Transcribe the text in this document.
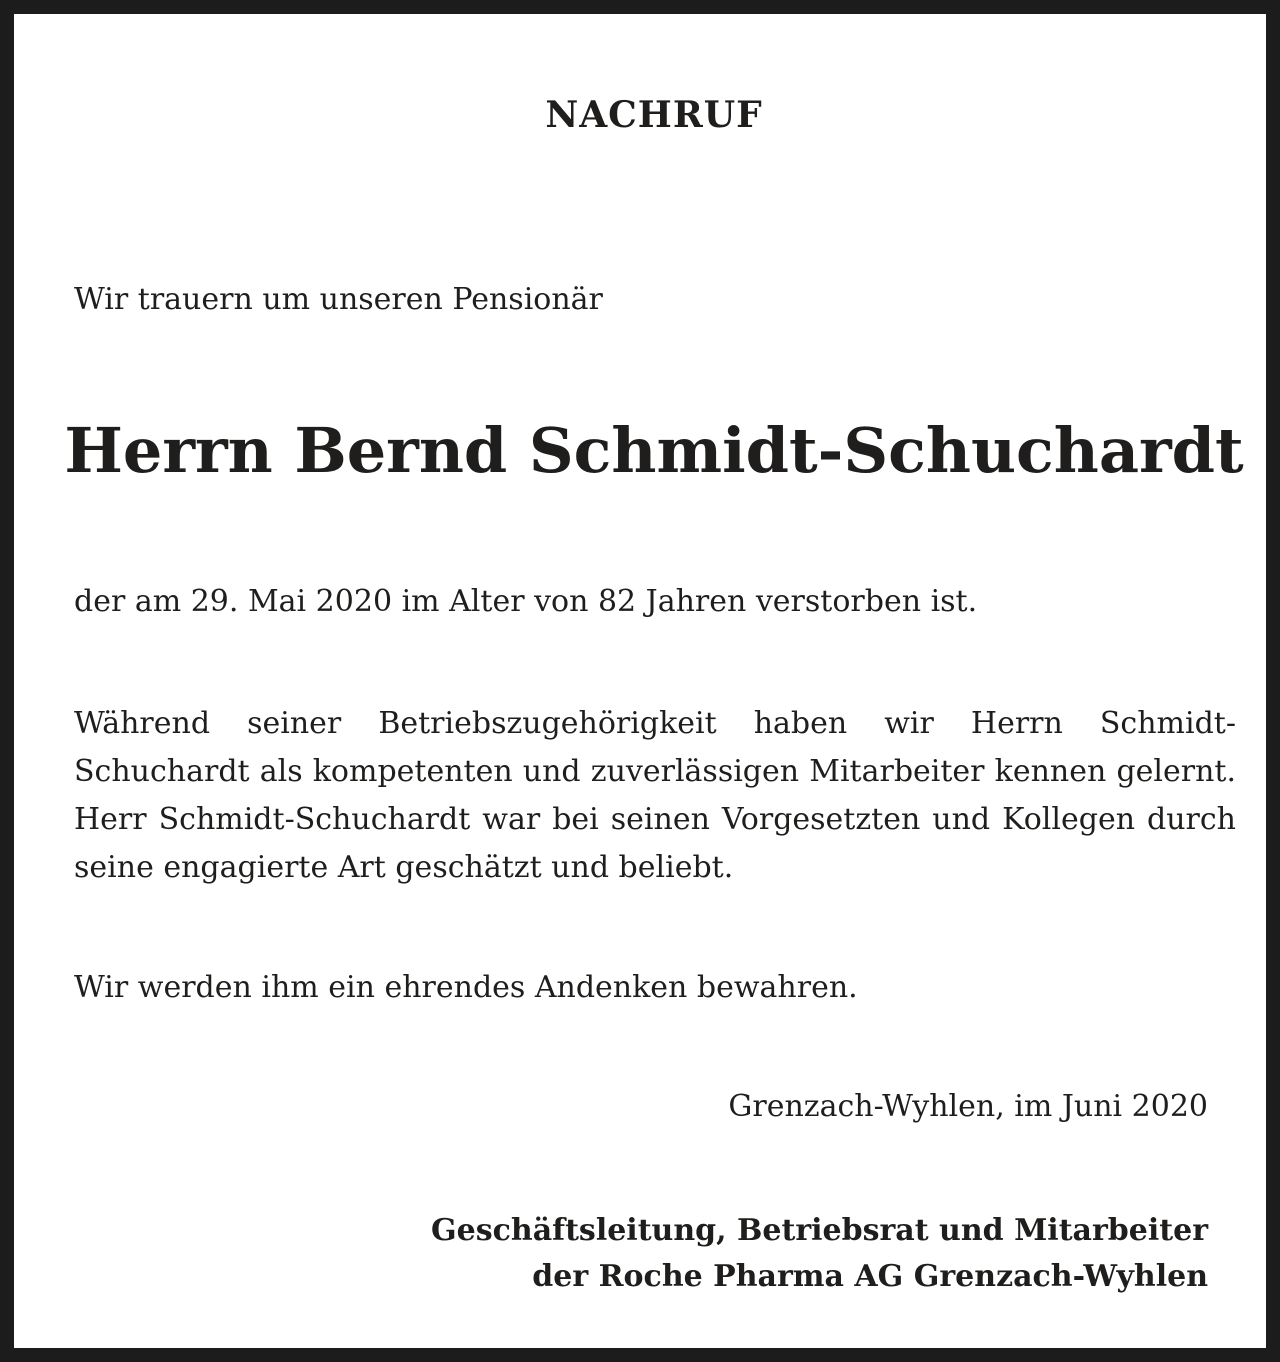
NACHRUF
Wir trauern um unseren Pensionär
Herrn Bernd Schmidt-Schuchardt
der am 29. Mai 2020 im Alter von 82 Jahren verstorben ist.

Während seiner Betriebszugehörigkeit haben wir Herrn Schmidt-Schuchardt als kompetenten und zuverlässigen Mitarbeiter kennen gelernt. Herr Schmidt-Schuchardt war bei seinen Vorgesetzten und Kollegen durch seine engagierte Art geschätzt und beliebt.

Wir werden ihm ein ehrendes Andenken bewahren.
Grenzach-Wyhlen, im Juni 2020
Geschäftsleitung, Betriebsrat und Mitarbeiter
der Roche Pharma AG Grenzach-Wyhlen
